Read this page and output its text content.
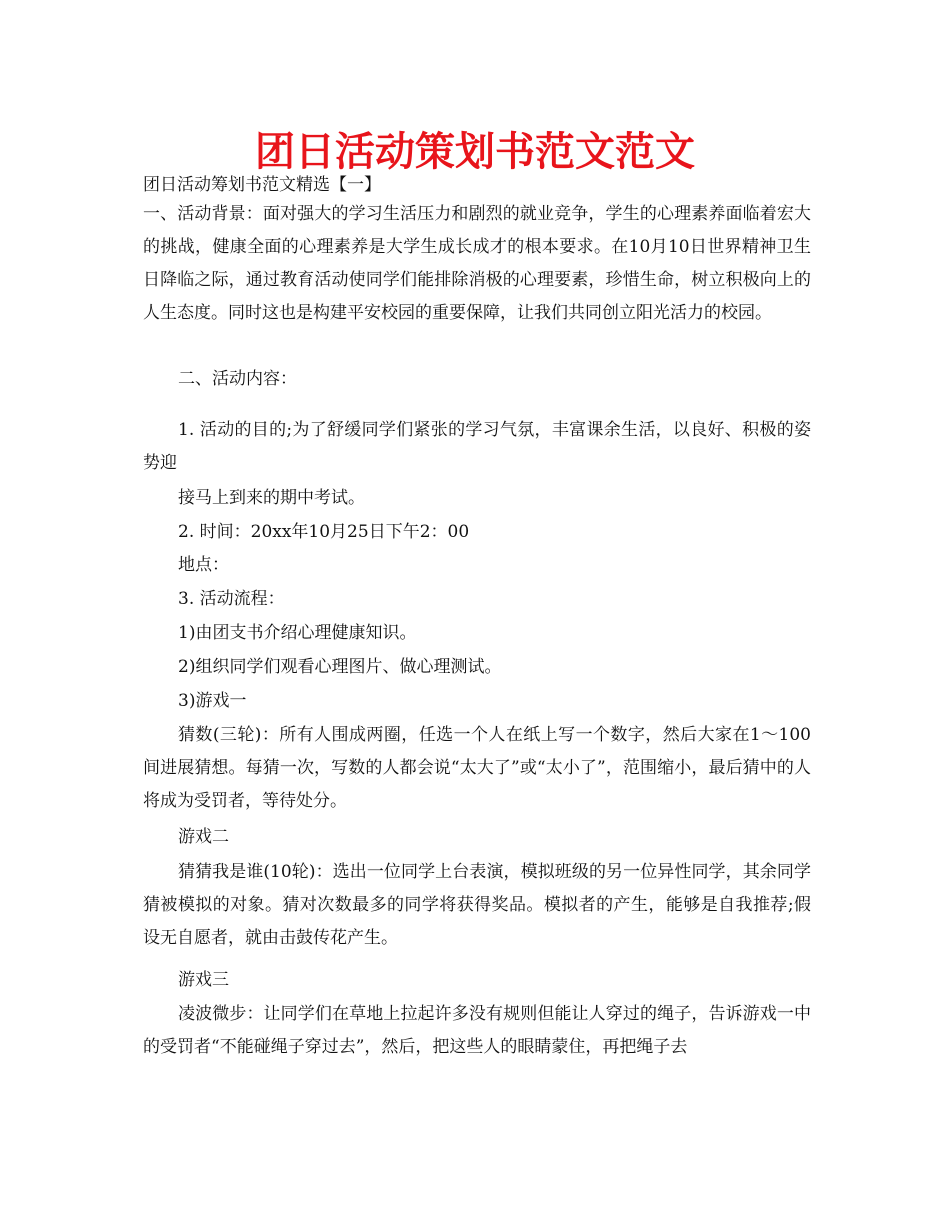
团日活动策划书范文范文
团日活动筹划书范文精选【一】

一、活动背景：面对强大的学习生活压力和剧烈的就业竞争，学生的心理素养面临着宏大的挑战，健康全面的心理素养是大学生成长成才的根本要求。在10月10日世界精神卫生日降临之际，通过教育活动使同学们能排除消极的心理要素，珍惜生命，树立积极向上的人生态度。同时这也是构建平安校园的重要保障，让我们共同创立阳光活力的校园。

二、活动内容：

1. 活动的目的;为了舒缓同学们紧张的学习气氛，丰富课余生活，以良好、积极的姿势迎

接马上到来的期中考试。

2. 时间：20xx年10月25日下午2：00

地点：

3. 活动流程：

1)由团支书介绍心理健康知识。

2)组织同学们观看心理图片、做心理测试。

3)游戏一

猜数(三轮)：所有人围成两圈，任选一个人在纸上写一个数字，然后大家在1～100间进展猜想。每猜一次，写数的人都会说“太大了”或“太小了”，范围缩小，最后猜中的人将成为受罚者，等待处分。

游戏二

猜猜我是谁(10轮)：选出一位同学上台表演，模拟班级的另一位异性同学，其余同学猜被模拟的对象。猜对次数最多的同学将获得奖品。模拟者的产生，能够是自我推荐;假设无自愿者，就由击鼓传花产生。

游戏三

凌波微步：让同学们在草地上拉起许多没有规则但能让人穿过的绳子，告诉游戏一中的受罚者“不能碰绳子穿过去”，然后，把这些人的眼睛蒙住，再把绳子去
